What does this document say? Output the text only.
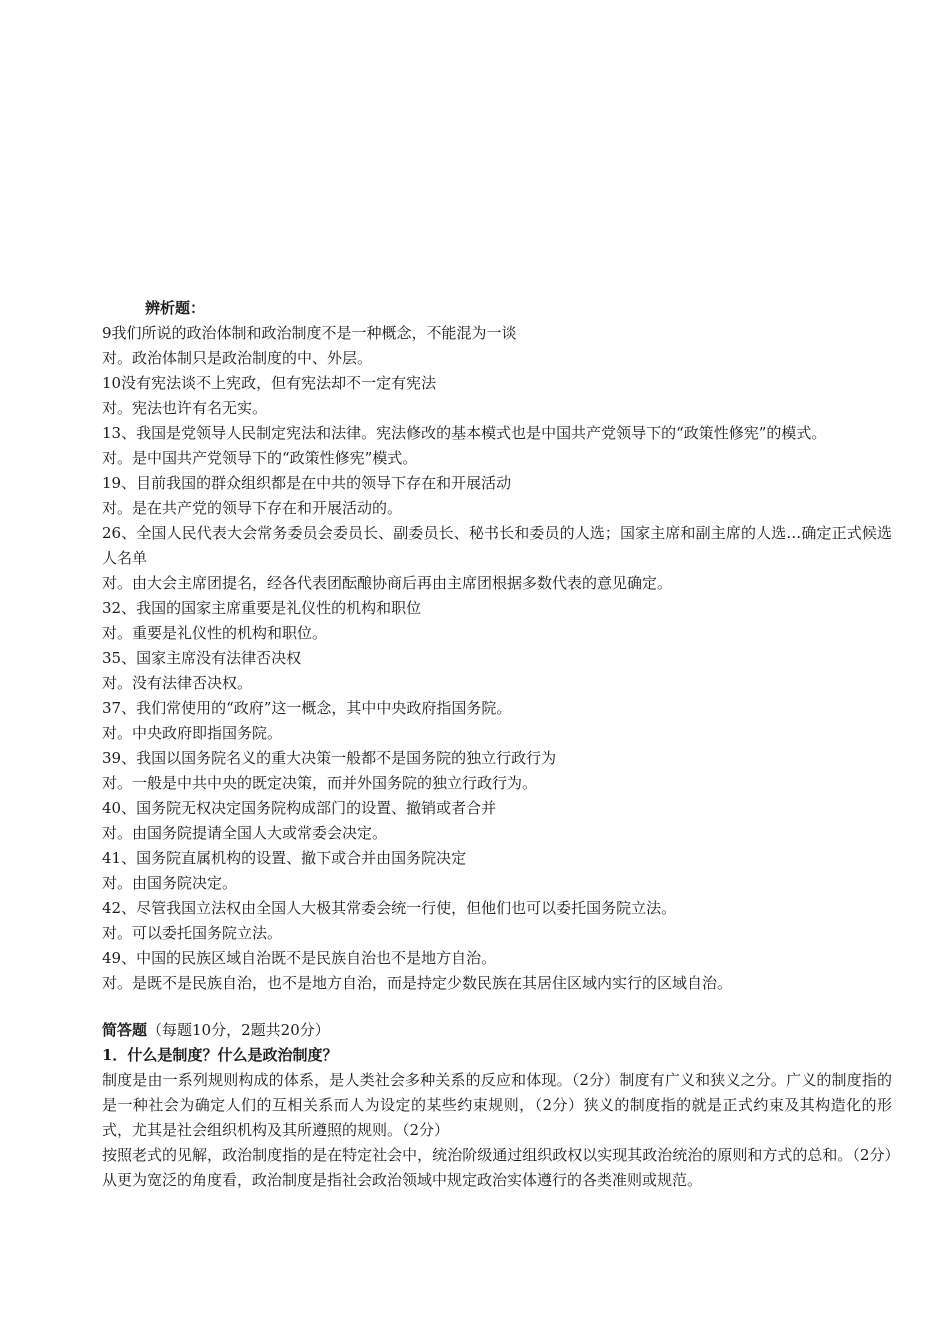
辨析题：
9我们所说的政治体制和政治制度不是一种概念，不能混为一谈
对。政治体制只是政治制度的中、外层。
10没有宪法谈不上宪政，但有宪法却不一定有宪法
对。宪法也许有名无实。
13、我国是党领导人民制定宪法和法律。宪法修改的基本模式也是中国共产党领导下的“政策性修宪”的模式。
对。是中国共产党领导下的“政策性修宪”模式。
19、目前我国的群众组织都是在中共的领导下存在和开展活动
对。是在共产党的领导下存在和开展活动的。
26、全国人民代表大会常务委员会委员长、副委员长、秘书长和委员的人选；国家主席和副主席的人选…确定正式候选人名单
对。由大会主席团提名，经各代表团酝酿协商后再由主席团根据多数代表的意见确定。
32、我国的国家主席重要是礼仪性的机构和职位
对。重要是礼仪性的机构和职位。
35、国家主席没有法律否决权
对。没有法律否决权。
37、我们常使用的“政府”这一概念，其中中央政府指国务院。
对。中央政府即指国务院。
39、我国以国务院名义的重大决策一般都不是国务院的独立行政行为
对。一般是中共中央的既定决策，而并外国务院的独立行政行为。
40、国务院无权决定国务院构成部门的设置、撤销或者合并
对。由国务院提请全国人大或常委会决定。
41、国务院直属机构的设置、撤下或合并由国务院决定
对。由国务院决定。
42、尽管我国立法权由全国人大极其常委会统一行使，但他们也可以委托国务院立法。
对。可以委托国务院立法。
49、中国的民族区域自治既不是民族自治也不是地方自治。
对。是既不是民族自治，也不是地方自治，而是持定少数民族在其居住区域内实行的区域自治。
简答题（每题10分，2题共20分）
1．什么是制度？什么是政治制度？
制度是由一系列规则构成的体系，是人类社会多种关系的反应和体现。（2分）制度有广义和狭义之分。广义的制度指的是一种社会为确定人们的互相关系而人为设定的某些约束规则，（2分）狭义的制度指的就是正式约束及其构造化的形式，尤其是社会组织机构及其所遵照的规则。（2分）
按照老式的见解，政治制度指的是在特定社会中，统治阶级通过组织政权以实现其政治统治的原则和方式的总和。（2分）从更为宽泛的角度看，政治制度是指社会政治领域中规定政治实体遵行的各类准则或规范。
